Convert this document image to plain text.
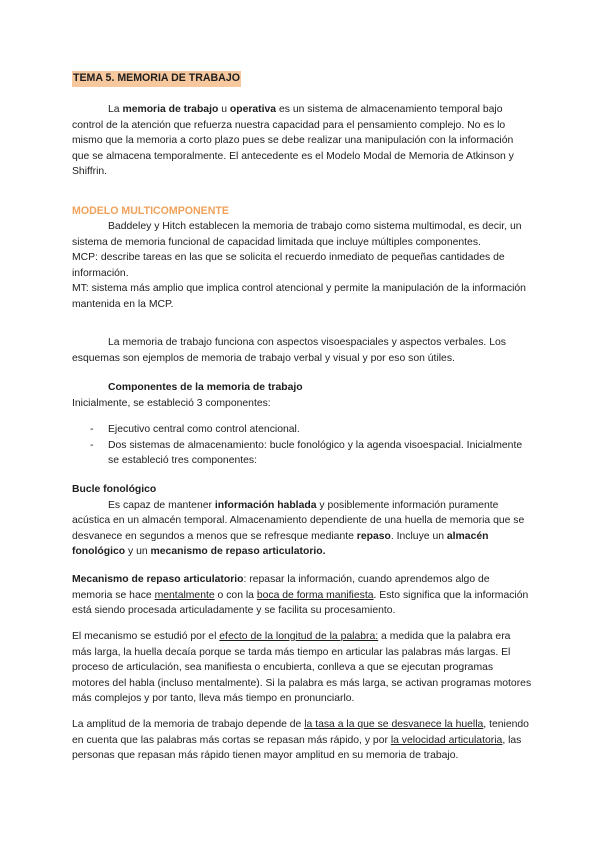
TEMA 5. MEMORIA DE TRABAJO

La memoria de trabajo u operativa es un sistema de almacenamiento temporal bajo control de la atención que refuerza nuestra capacidad para el pensamiento complejo. No es lo mismo que la memoria a corto plazo pues se debe realizar una manipulación con la información que se almacena temporalmente. El antecedente es el Modelo Modal de Memoria de Atkinson y Shiffrin.

MODELO MULTICOMPONENTE

Baddeley y Hitch establecen la memoria de trabajo como sistema multimodal, es decir, un sistema de memoria funcional de capacidad limitada que incluye múltiples componentes.
MCP: describe tareas en las que se solicita el recuerdo inmediato de pequeñas cantidades de información.
MT: sistema más amplio que implica control atencional y permite la manipulación de la información mantenida en la MCP.

La memoria de trabajo funciona con aspectos visoespaciales y aspectos verbales. Los esquemas son ejemplos de memoria de trabajo verbal y visual y por eso son útiles.

Componentes de la memoria de trabajo
Inicialmente, se estableció 3 componentes:
- Ejecutivo central como control atencional.
- Dos sistemas de almacenamiento: bucle fonológico y la agenda visoespacial. Inicialmente se estableció tres componentes:
Bucle fonológico
Es capaz de mantener información hablada y posiblemente información puramente acústica en un almacén temporal. Almacenamiento dependiente de una huella de memoria que se desvanece en segundos a menos que se refresque mediante repaso. Incluye un almacén fonológico y un mecanismo de repaso articulatorio.

Mecanismo de repaso articulatorio: repasar la información, cuando aprendemos algo de memoria se hace mentalmente o con la boca de forma manifiesta. Esto significa que la información está siendo procesada articuladamente y se facilita su procesamiento.

El mecanismo se estudió por el efecto de la longitud de la palabra: a medida que la palabra era más larga, la huella decaía porque se tarda más tiempo en articular las palabras más largas. El proceso de articulación, sea manifiesta o encubierta, conlleva a que se ejecutan programas motores del habla (incluso mentalmente). Si la palabra es más larga, se activan programas motores más complejos y por tanto, lleva más tiempo en pronunciarlo.

La amplitud de la memoria de trabajo depende de la tasa a la que se desvanece la huella, teniendo en cuenta que las palabras más cortas se repasan más rápido, y por la velocidad articulatoria, las personas que repasan más rápido tienen mayor amplitud en su memoria de trabajo.
